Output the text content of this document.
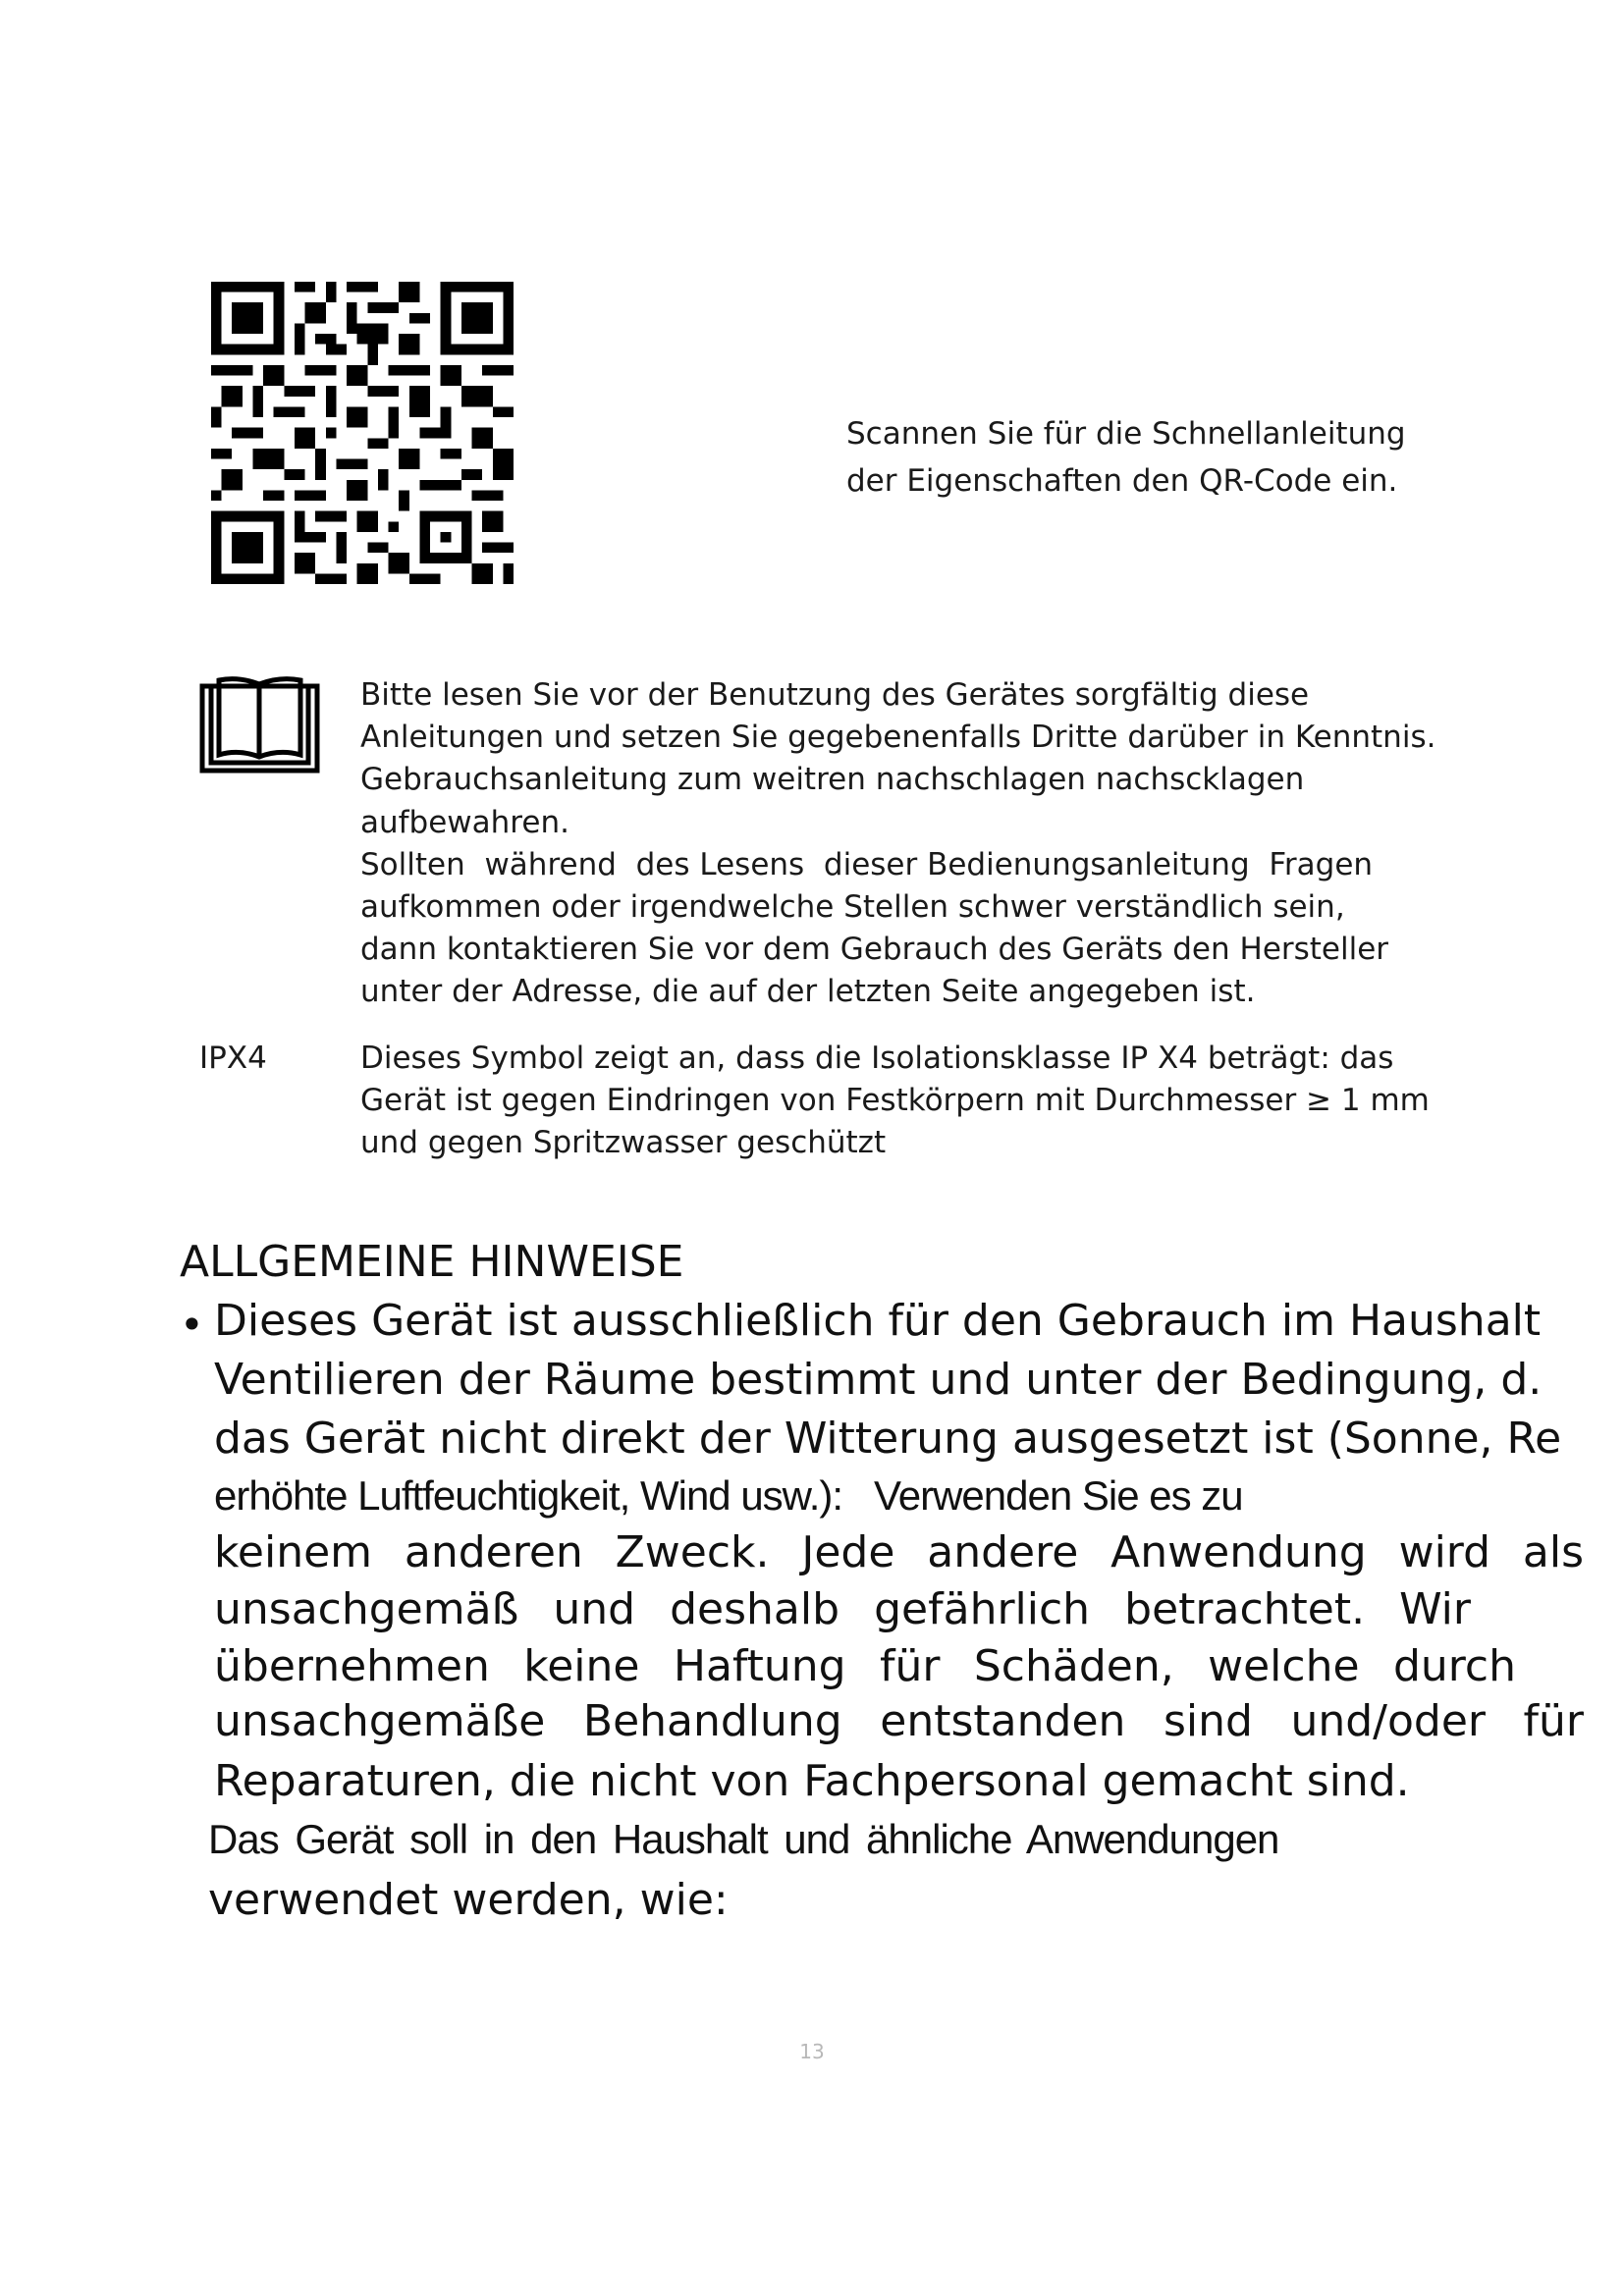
Scannen Sie für die Schnellanleitung
der Eigenschaften den QR-Code ein.
Bitte lesen Sie vor der Benutzung des Gerätes sorgfältig diese
Anleitungen und setzen Sie gegebenenfalls Dritte darüber in Kenntnis.
Gebrauchsanleitung zum weitren nachschlagen nachscklagen
aufbewahren.
Sollten  während  des Lesens  dieser Bedienungsanleitung  Fragen
aufkommen oder irgendwelche Stellen schwer verständlich sein,
dann kontaktieren Sie vor dem Gebrauch des Geräts den Hersteller
unter der Adresse, die auf der letzten Seite angegeben ist.
IPX4	Dieses Symbol zeigt an, dass die Isolationsklasse IP X4 beträgt: das
Gerät ist gegen Eindringen von Festkörpern mit Durchmesser ≥ 1 mm
und gegen Spritzwasser geschützt
ALLGEMEINE HINWEISE
• Dieses Gerät ist ausschließlich für den Gebrauch im Haushalt
Ventilieren der Räume bestimmt und unter der Bedingung, d.
das Gerät nicht direkt der Witterung ausgesetzt ist (Sonne, Re
erhöhte Luftfeuchtigkeit, Wind usw.):   Verwenden Sie es zu
keinem anderen Zweck. Jede andere Anwendung wird als
unsachgemäß und deshalb gefährlich betrachtet. Wir
übernehmen keine Haftung für Schäden, welche durch
unsachgemäße Behandlung entstanden sind und/oder für
Reparaturen, die nicht von Fachpersonal gemacht sind.
Das Gerät soll in den Haushalt und ähnliche Anwendungen
verwendet werden, wie:
13
